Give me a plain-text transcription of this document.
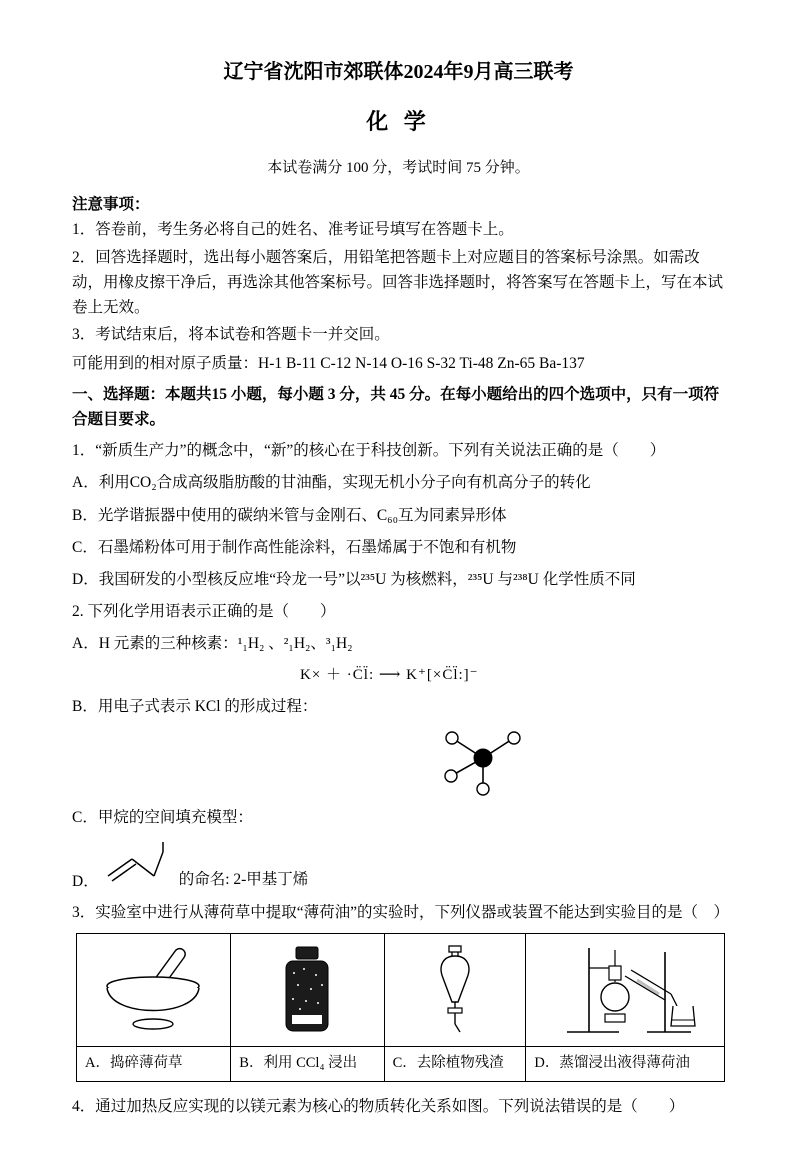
辽宁省沈阳市郊联体2024年9月高三联考
化 学
本试卷满分 100 分，考试时间 75 分钟。

注意事项：

1．答卷前，考生务必将自己的姓名、准考证号填写在答题卡上。

2．回答选择题时，选出每小题答案后，用铅笔把答题卡上对应题目的答案标号涂黑。如需改动，用橡皮擦干净后，再选涂其他答案标号。回答非选择题时，将答案写在答题卡上，写在本试卷上无效。

3．考试结束后，将本试卷和答题卡一并交回。

可能用到的相对原子质量：H-1 B-11 C-12 N-14 O-16 S-32 Ti-48 Zn-65 Ba-137

一、选择题：本题共15 小题，每小题 3 分，共 45 分。在每小题给出的四个选项中，只有一项符合题目要求。

1．“新质生产力”的概念中，“新”的核心在于科技创新。下列有关说法正确的是（　　）

A．利用CO₂合成高级脂肪酸的甘油酯，实现无机小分子向有机高分子的转化

B．光学谐振器中使用的碳纳米管与金刚石、C₆₀互为同素异形体

C．石墨烯粉体可用于制作高性能涂料，石墨烯属于不饱和有机物

D．我国研发的小型核反应堆“玲龙一号”以²³⁵U 为核燃料，²³⁵U 与²³⁸U 化学性质不同

2. 下列化学用语表示正确的是（　　）

A．H 元素的三种核素：¹₁H₂ 、²₁H₂、³₁H₂

K× ＋ ·C̈l̈: ⟶ K⁺[×C̈l̈:]⁻

B．用电子式表示 KCl 的形成过程：

C．甲烷的空间填充模型：

D．	的命名: 2-甲基丁烯

3．实验室中进行从薄荷草中提取“薄荷油”的实验时，下列仪器或装置不能达到实验目的是（　）

A．捣碎薄荷草	B．利用 CCl₄ 浸出	C．去除植物残渣	D．蒸馏浸出液得薄荷油

4．通过加热反应实现的以镁元素为核心的物质转化关系如图。下列说法错误的是（　　）
